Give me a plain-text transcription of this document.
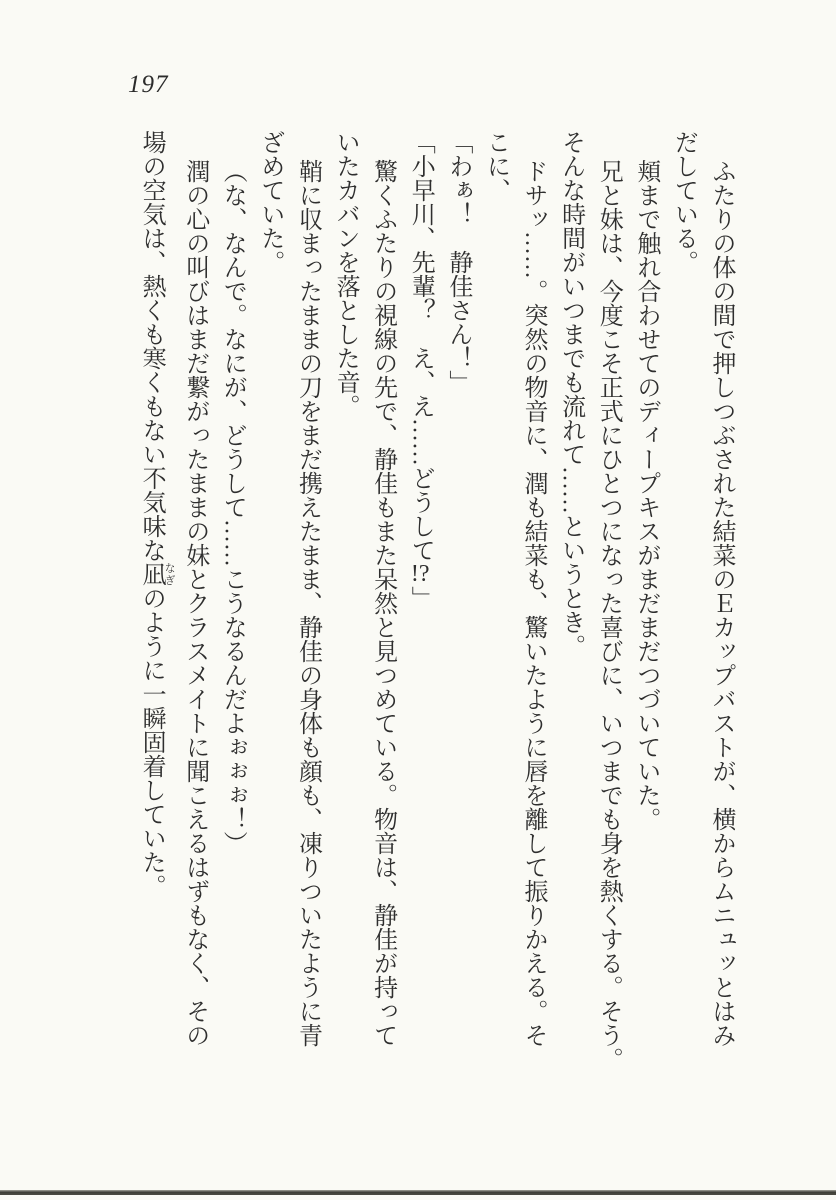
197

ふたりの体の間で押しつぶされた結菜のＥカップバストが、横からムニュッとはみ

だしている。

頬まで触れ合わせてのディープキスがまだまだつづいていた。

兄と妹は、今度こそ正式にひとつになった喜びに、いつまでも身を熱くする。そう。

そんな時間がいつまでも流れて……というとき。

ドサッ……。突然の物音に、潤も結菜も、驚いたように唇を離して振りかえる。そ

こに、

「わぁ！　静佳さん！」

「小早川、先輩？　え、え……どうして!?」

驚くふたりの視線の先で、静佳もまた呆然と見つめている。物音は、静佳が持って

いたカバンを落とした音。

鞘に収まったままの刀をまだ携えたまま、静佳の身体も顔も、凍りついたように青

ざめていた。

（な、なんで。なにが、どうして……こうなるんだよぉぉぉ！）

潤の心の叫びはまだ繋がったままの妹とクラスメイトに聞こえるはずもなく、その

場の空気は、熱くも寒くもない不気味な凪 なぎのように一瞬固着していた。
